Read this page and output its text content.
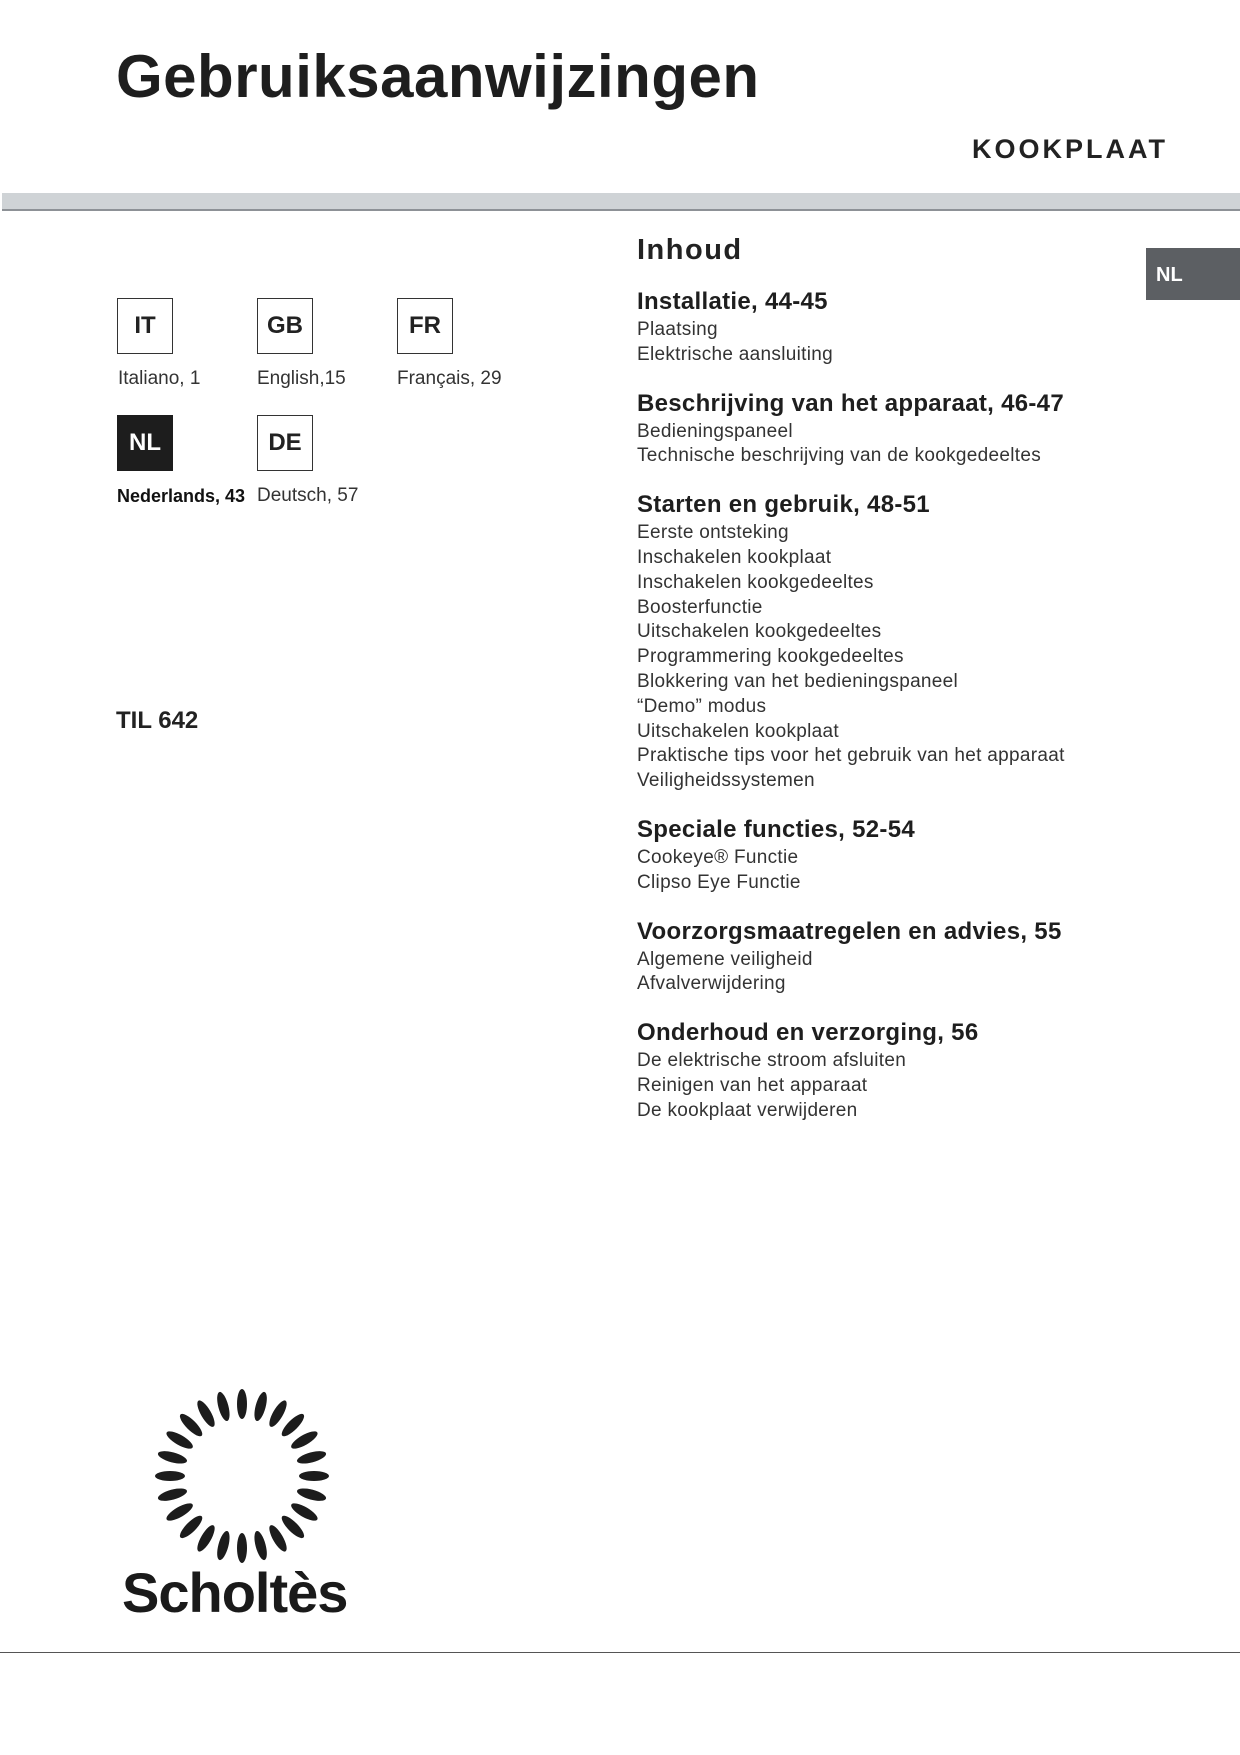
Gebruiksaanwijzingen
KOOKPLAAT
NL
IT
Italiano, 1
GB
English,15
FR
Français, 29
NL
Nederlands, 43
DE
Deutsch, 57
TIL 642
Inhoud
Installatie, 44-45
Plaatsing
Elektrische aansluiting
Beschrijving van het apparaat, 46-47
Bedieningspaneel
Technische beschrijving van de kookgedeeltes
Starten en gebruik, 48-51
Eerste ontsteking
Inschakelen kookplaat
Inschakelen kookgedeeltes
Boosterfunctie
Uitschakelen kookgedeeltes
Programmering kookgedeeltes
Blokkering van het bedieningspaneel
“Demo” modus
Uitschakelen kookplaat
Praktische tips voor het gebruik van het apparaat
Veiligheidssystemen
Speciale functies, 52-54
Cookeye® Functie
Clipso Eye Functie
Voorzorgsmaatregelen en advies, 55
Algemene veiligheid
Afvalverwijdering
Onderhoud en verzorging, 56
De elektrische stroom afsluiten
Reinigen van het apparaat
De kookplaat verwijderen
Scholtès
